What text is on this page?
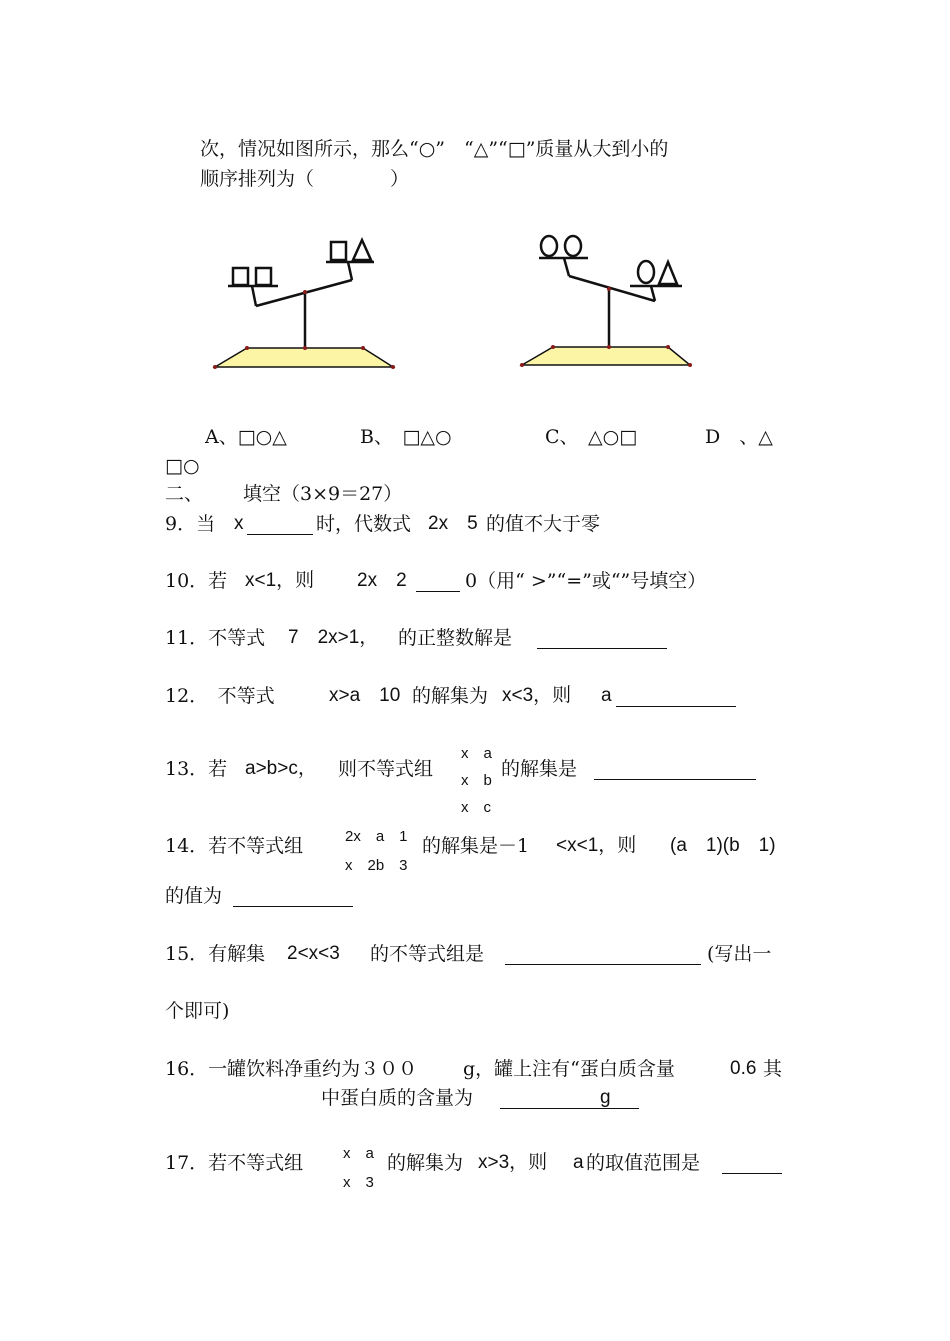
次，情况如图所示，那么“○”　“△”“□”质量从大到小的
顺序排列为（　　　　）
A、□○△	B、　□△○	C、　△○□	D　、△
□○
二、 填空（3×9＝27）
9．当 x	时，代数式 2x　5 的值不大于零
10．若 x<1，则 2x　2	0（用“ >”“=”或“”号填空）
11．不等式 7　2x>1， 的正整数解是
12．　不等式	x>a　10 的解集为 x<3，则 a
13．若 a>b>c， 则不等式组
x　a
x　b
x　c
的解集是
14．若不等式组	2x　a　1
x　2b　3
的解集是－1 <x<1，则 (a　1)(b　1)
的值为
15．有解集 2<x<3 的不等式组是	(写出一
个即可)
16．一罐饮料净重约为３００ g，罐上注有“蛋白质含量	0.6 其
中蛋白质的含量为	g
17．若不等式组	x　a
x　3
的解集为 x>3，则 a 的取值范围是
